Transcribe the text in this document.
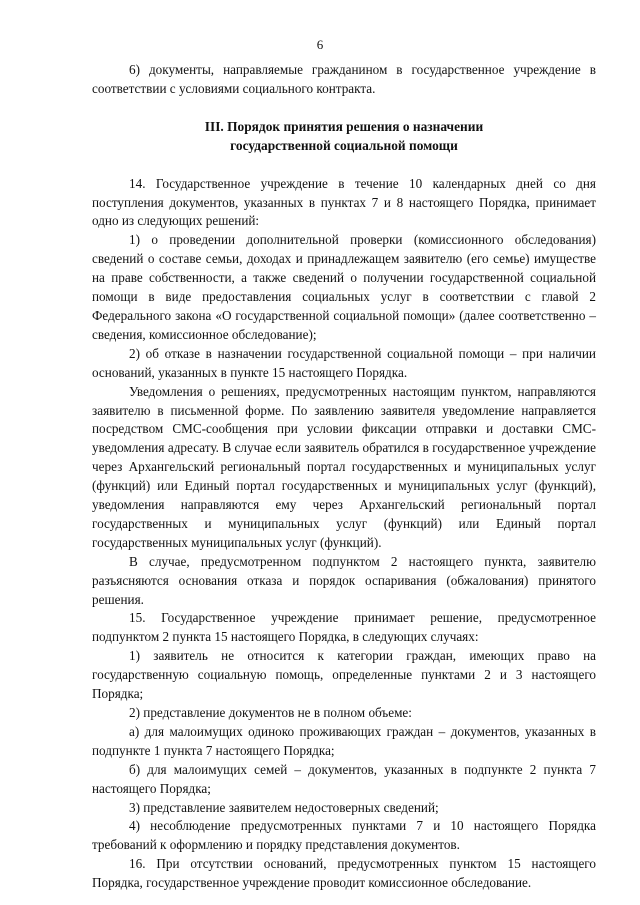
6

6) документы, направляемые гражданином в государственное учреждение в соответствии с условиями социального контракта.

III. Порядок принятия решения о назначении
государственной социальной помощи

14. Государственное учреждение в течение 10 календарных дней со дня поступления документов, указанных в пунктах 7 и 8 настоящего Порядка, принимает одно из следующих решений:

1) о проведении дополнительной проверки (комиссионного обследования) сведений о составе семьи, доходах и принадлежащем заявителю (его семье) имуществе на праве собственности, а также сведений о получении государственной социальной помощи в виде предоставления социальных услуг в соответствии с главой 2 Федерального закона «О государственной социальной помощи» (далее соответственно – сведения, комиссионное обследование);

2) об отказе в назначении государственной социальной помощи – при наличии оснований, указанных в пункте 15 настоящего Порядка.

Уведомления о решениях, предусмотренных настоящим пунктом, направляются заявителю в письменной форме. По заявлению заявителя уведомление направляется посредством СМС-сообщения при условии фиксации отправки и доставки СМС-уведомления адресату. В случае если заявитель обратился в государственное учреждение через Архангельский региональный портал государственных и муниципальных услуг (функций) или Единый портал государственных и муниципальных услуг (функций), уведомления направляются ему через Архангельский региональный портал государственных и муниципальных услуг (функций) или Единый портал государственных муниципальных услуг (функций).

В случае, предусмотренном подпунктом 2 настоящего пункта, заявителю разъясняются основания отказа и порядок оспаривания (обжалования) принятого решения.

15. Государственное учреждение принимает решение, предусмотренное подпунктом 2 пункта 15 настоящего Порядка, в следующих случаях:

1) заявитель не относится к категории граждан, имеющих право на государственную социальную помощь, определенные пунктами 2 и 3 настоящего Порядка;

2) представление документов не в полном объеме:

а) для малоимущих одиноко проживающих граждан – документов, указанных в подпункте 1 пункта 7 настоящего Порядка;

б) для малоимущих семей – документов, указанных в подпункте 2 пункта 7 настоящего Порядка;

3) представление заявителем недостоверных сведений;

4) несоблюдение предусмотренных пунктами 7 и 10 настоящего Порядка требований к оформлению и порядку представления документов.

16. При отсутствии оснований, предусмотренных пунктом 15 настоящего Порядка, государственное учреждение проводит комиссионное обследование.
